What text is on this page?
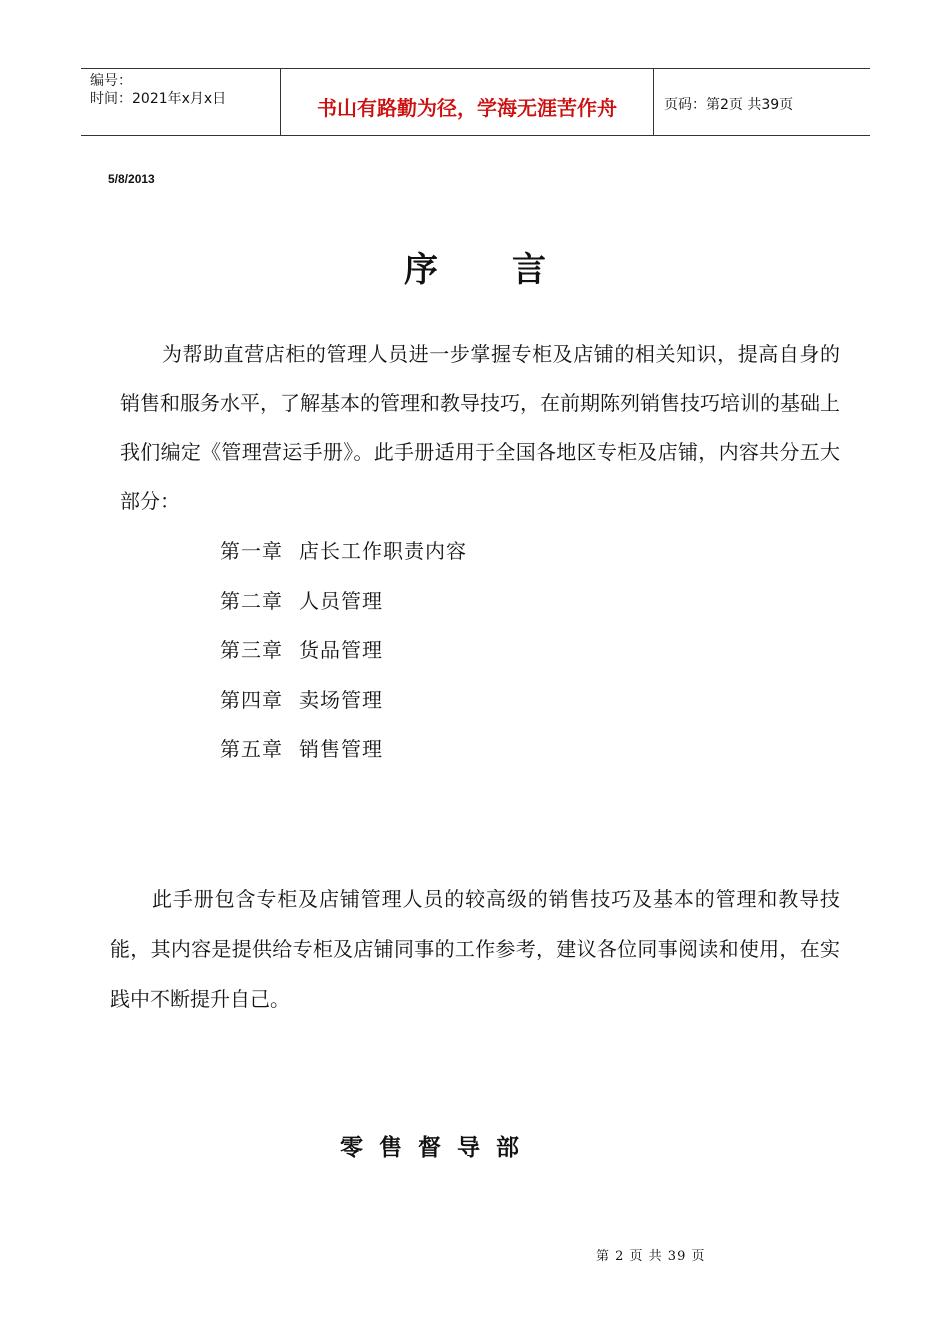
编号：
时间：2021年x月x日	书山有路勤为径，学海无涯苦作舟	页码：第2页 共39页
5/8/2013
序言
为帮助直营店柜的管理人员进一步掌握专柜及店铺的相关知识，提高自身的销售和服务水平，了解基本的管理和教导技巧，在前期陈列销售技巧培训的基础上我们编定《管理营运手册》。此手册适用于全国各地区专柜及店铺，内容共分五大部分：
第一章 店长工作职责内容
第二章 人员管理
第三章 货品管理
第四章 卖场管理
第五章 销售管理
此手册包含专柜及店铺管理人员的较高级的销售技巧及基本的管理和教导技能，其内容是提供给专柜及店铺同事的工作参考，建议各位同事阅读和使用，在实践中不断提升自己。
零售督导部
第 2 页 共 39 页
